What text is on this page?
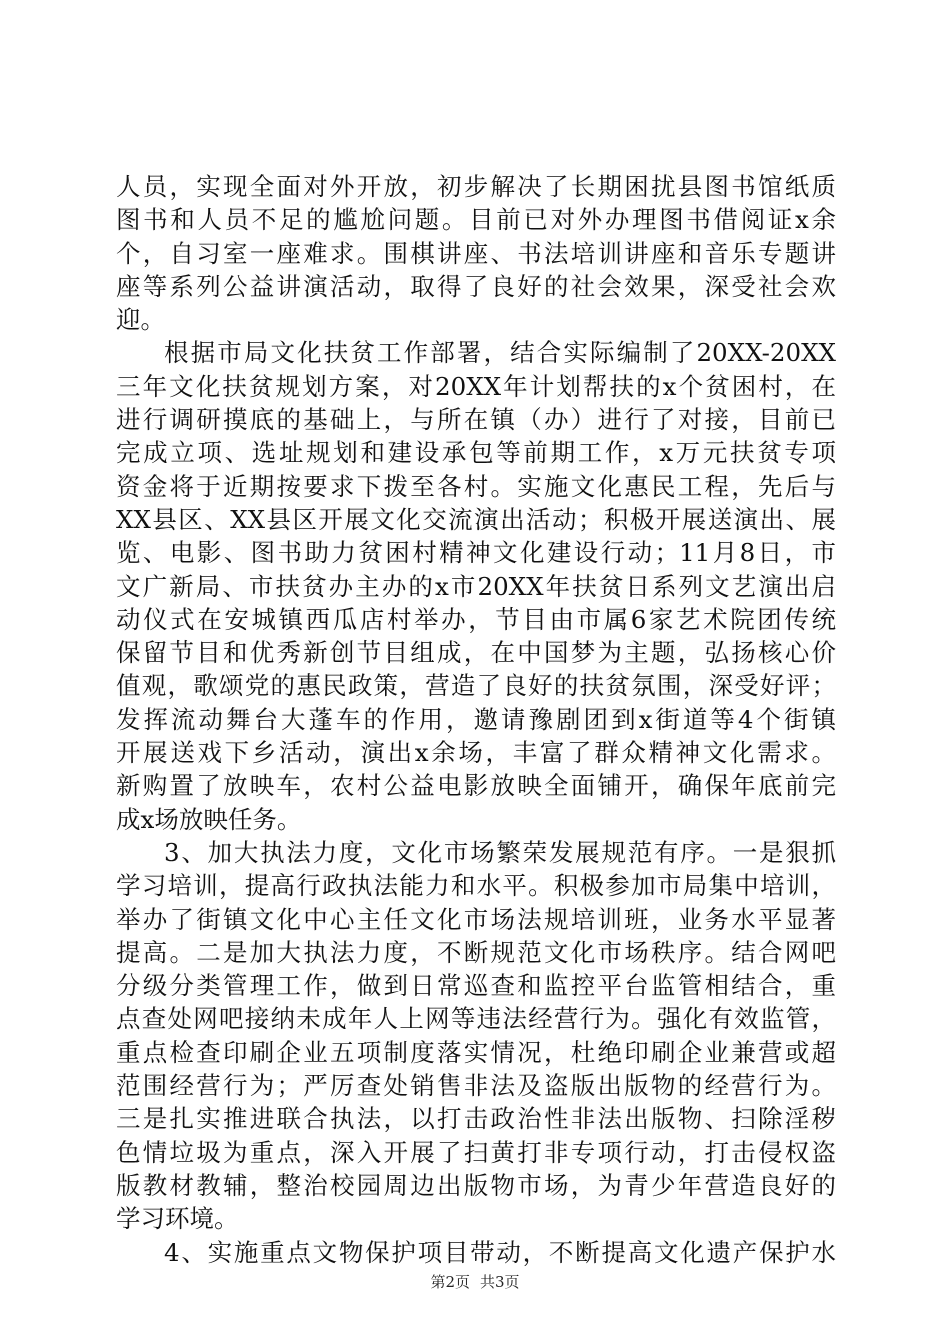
人员，实现全面对外开放，初步解决了长期困扰县图书馆纸质
图书和人员不足的尴尬问题。目前已对外办理图书借阅证x余
个，自习室一座难求。围棋讲座、书法培训讲座和音乐专题讲
座等系列公益讲演活动，取得了良好的社会效果，深受社会欢
迎。
根据市局文化扶贫工作部署，结合实际编制了20XX-20XX
三年文化扶贫规划方案，对20XX年计划帮扶的x个贫困村，在
进行调研摸底的基础上，与所在镇（办）进行了对接，目前已
完成立项、选址规划和建设承包等前期工作，x万元扶贫专项
资金将于近期按要求下拨至各村。实施文化惠民工程，先后与
XX县区、XX县区开展文化交流演出活动；积极开展送演出、展
览、电影、图书助力贫困村精神文化建设行动；11月8日，市
文广新局、市扶贫办主办的x市20XX年扶贫日系列文艺演出启
动仪式在安城镇西瓜店村举办，节目由市属6家艺术院团传统
保留节目和优秀新创节目组成，在中国梦为主题，弘扬核心价
值观，歌颂党的惠民政策，营造了良好的扶贫氛围，深受好评；
发挥流动舞台大蓬车的作用，邀请豫剧团到x街道等4个街镇
开展送戏下乡活动，演出x余场，丰富了群众精神文化需求。
新购置了放映车，农村公益电影放映全面铺开，确保年底前完
成x场放映任务。
3、加大执法力度，文化市场繁荣发展规范有序。一是狠抓
学习培训，提高行政执法能力和水平。积极参加市局集中培训，
举办了街镇文化中心主任文化市场法规培训班，业务水平显著
提高。二是加大执法力度，不断规范文化市场秩序。结合网吧
分级分类管理工作，做到日常巡查和监控平台监管相结合，重
点查处网吧接纳未成年人上网等违法经营行为。强化有效监管，
重点检查印刷企业五项制度落实情况，杜绝印刷企业兼营或超
范围经营行为；严厉查处销售非法及盗版出版物的经营行为。
三是扎实推进联合执法，以打击政治性非法出版物、扫除淫秽
色情垃圾为重点，深入开展了扫黄打非专项行动，打击侵权盗
版教材教辅，整治校园周边出版物市场，为青少年营造良好的
学习环境。
4、实施重点文物保护项目带动，不断提高文化遗产保护水
第2页 共3页
